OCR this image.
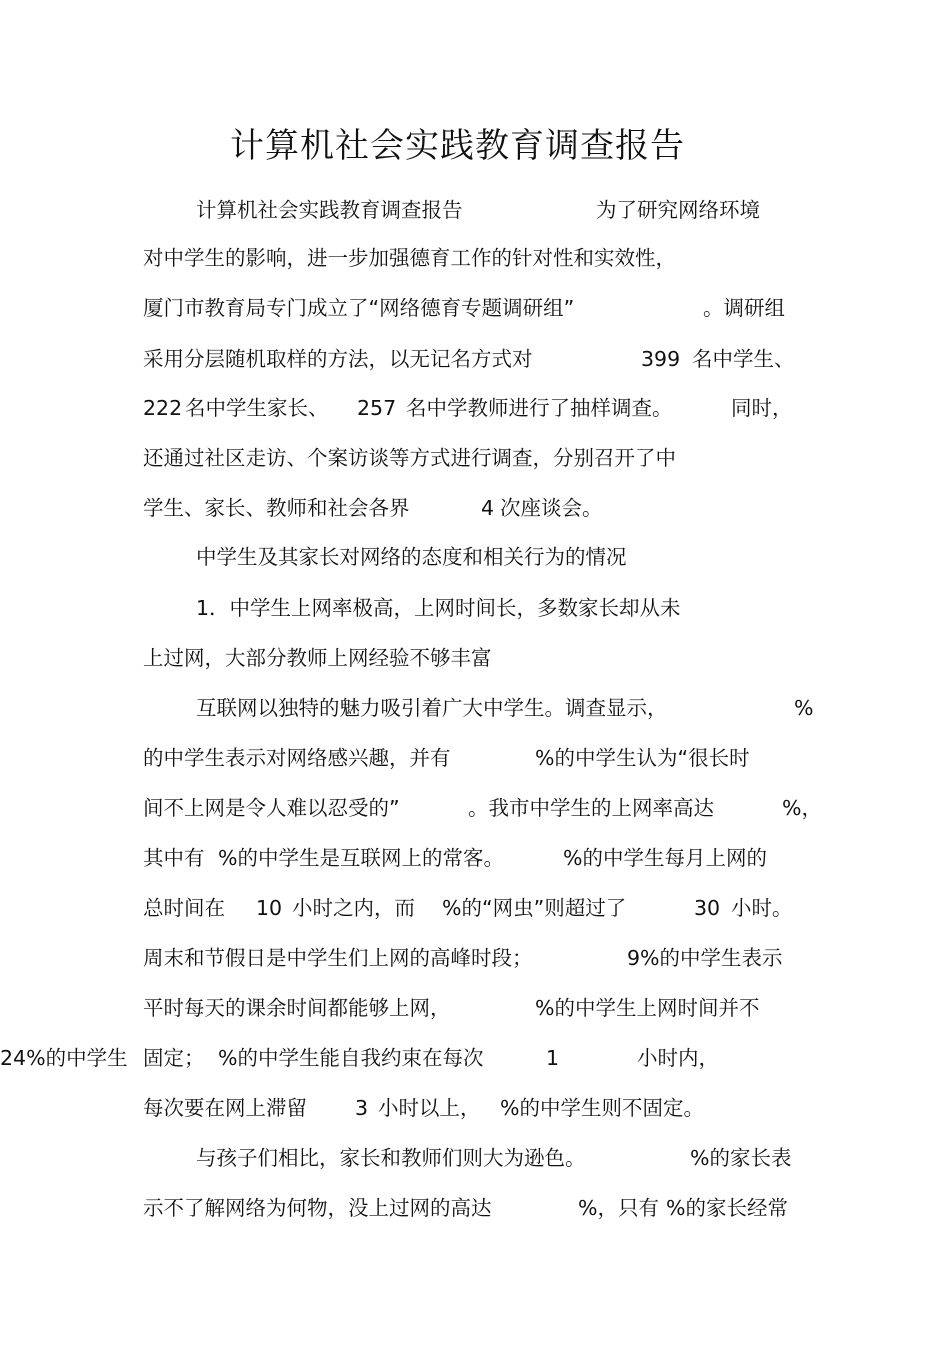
计算机社会实践教育调查报告
计算机社会实践教育调查报告	为了研究网络环境
对中学生的影响，进一步加强德育工作的针对性和实效性，
厦门市教育局专门成立了“网络德育专题调研组”	。调研组
采用分层随机取样的方法，以无记名方式对	399 名中学生、
222 名中学生家长、 257 名中学教师进行了抽样调查。	同时，
还通过社区走访、个案访谈等方式进行调查，分别召开了中
学生、家长、教师和社会各界	4 次座谈会。
中学生及其家长对网络的态度和相关行为的情况
1．中学生上网率极高，上网时间长，多数家长却从未
上过网，大部分教师上网经验不够丰富
互联网以独特的魅力吸引着广大中学生。调查显示，	%
的中学生表示对网络感兴趣，并有	%的中学生认为“很长时
间不上网是令人难以忍受的”	。我市中学生的上网率高达	%，
其中有 %的中学生是互联网上的常客。	%的中学生每月上网的
总时间在 10 小时之内，而 %的“网虫”则超过了	30 小时。
周末和节假日是中学生们上网的高峰时段；	9%的中学生表示
平时每天的课余时间都能够上网，	%的中学生上网时间并不
固定； %的中学生能自我约束在每次	1	小时内，
24%的中学生
每次要在网上滞留 3 小时以上， %的中学生则不固定。
与孩子们相比，家长和教师们则大为逊色。	%的家长表
示不了解网络为何物，没上过网的高达	%，只有 %的家长经常
